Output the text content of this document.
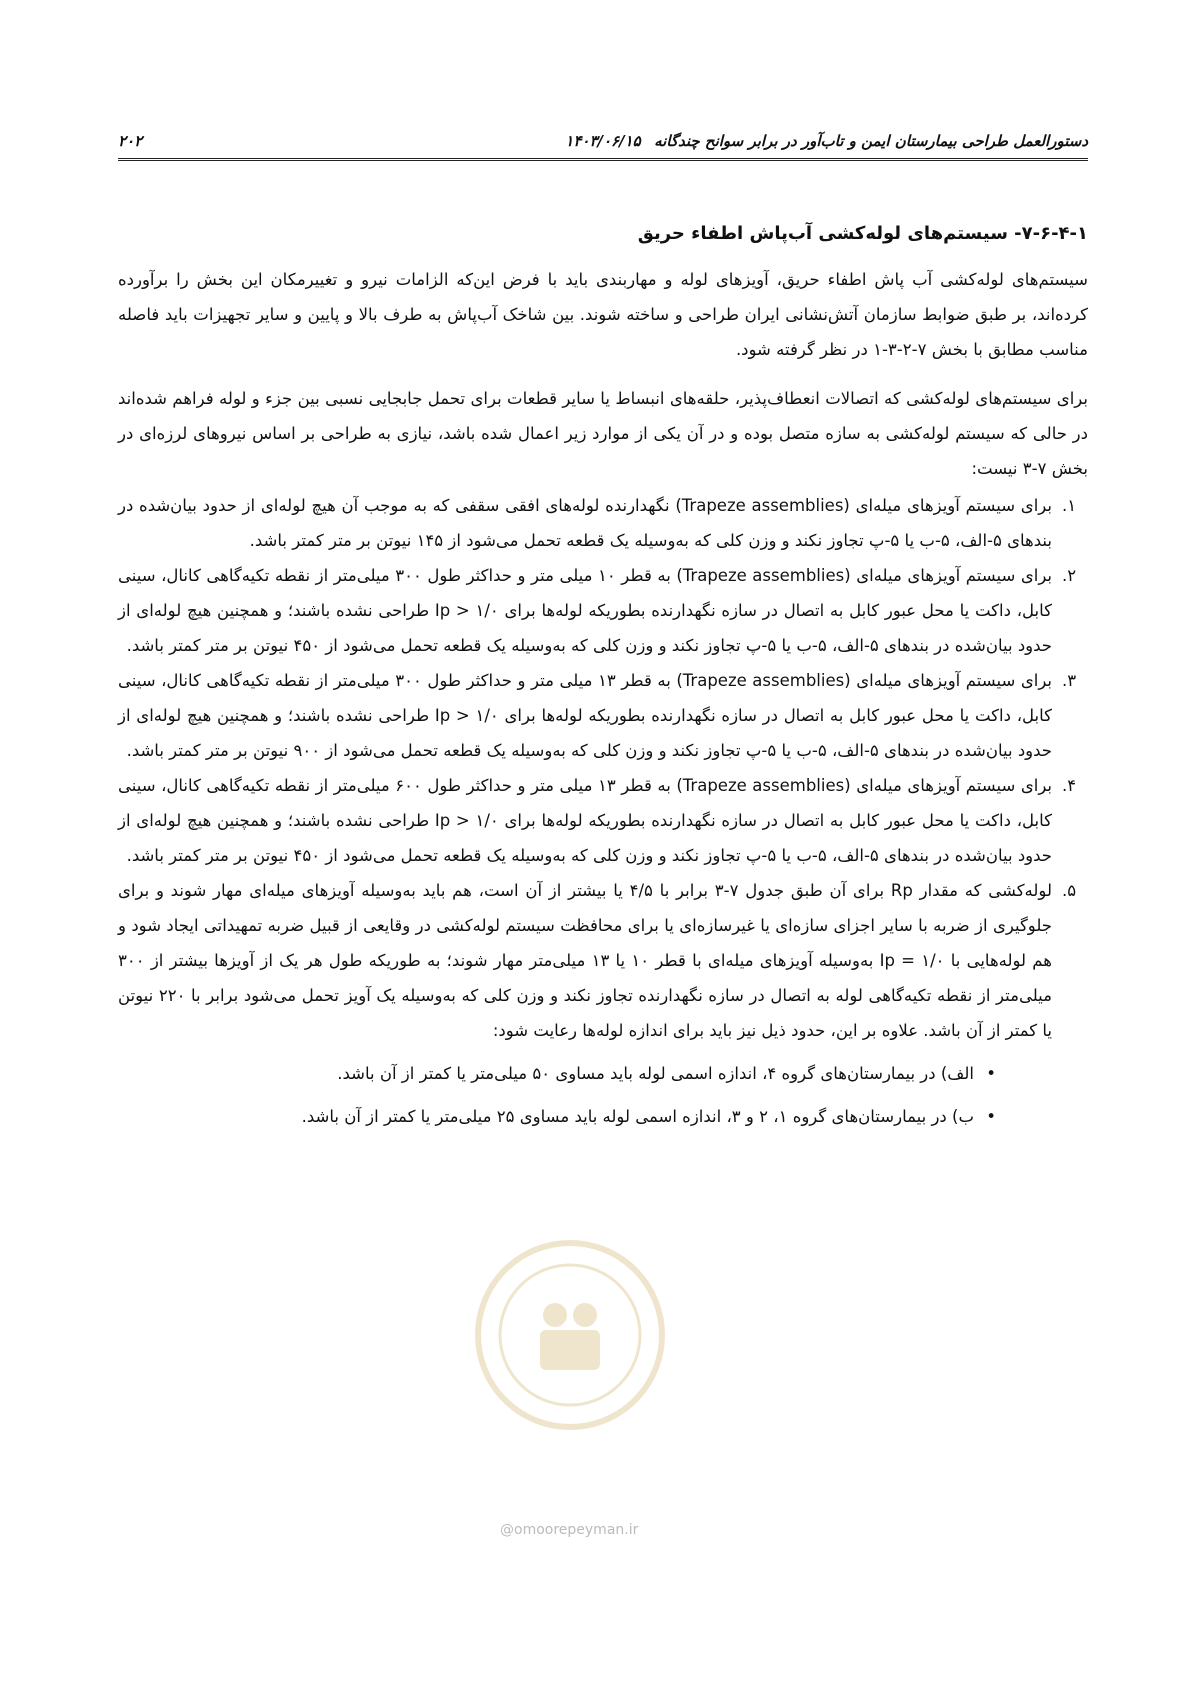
دستورالعمل طراحی بیمارستان ایمن و تاب‌آور در برابر سوانح چندگانه
۱۴۰۳/۰۶/۱۵
۲۰۲
۷-۶-۴-۱- سیستم‌های لوله‌کشی آب‌پاش اطفاء حریق

سیستم‌های لوله‌کشی آب پاش اطفاء حریق، آویزهای لوله و مهاربندی باید با فرض این‌که الزامات نیرو و تغییرمکان این بخش را برآورده کرده‌اند، بر طبق ضوابط سازمان آتش‌نشانی ایران طراحی و ساخته شوند. بین شاخک آب‌پاش به طرف بالا و پایین و سایر تجهیزات باید فاصله مناسب مطابق با بخش ۷-۲-۳-۱ در نظر گرفته شود.

برای سیستم‌های لوله‌کشی که اتصالات انعطاف‌پذیر، حلقه‌های انبساط یا سایر قطعات برای تحمل جابجایی نسبی بین جزء و لوله فراهم شده‌اند در حالی که سیستم لوله‌کشی به سازه متصل بوده و در آن یکی از موارد زیر اعمال شده باشد، نیازی به طراحی بر اساس نیروهای لرزه‌ای در بخش ۷-۳ نیست:

۱.
برای سیستم آویزهای میله‌ای (Trapeze assemblies) نگهدارنده لوله‌های افقی سقفی که به موجب آن هیچ لوله‌ای از حدود بیان‌شده در بندهای ۵-الف، ۵-ب یا ۵-پ تجاوز نکند و وزن کلی که به‌وسیله یک قطعه تحمل می‌شود از ۱۴۵ نیوتن بر متر کمتر باشد.
۲.
برای سیستم آویزهای میله‌ای (Trapeze assemblies) به قطر ۱۰ میلی متر و حداکثر طول ۳۰۰ میلی‌متر از نقطه تکیه‌گاهی کانال، سینی کابل، داکت یا محل عبور کابل به اتصال در سازه نگهدارنده بطوریکه لوله‌ها برای Ip > ۱/۰ طراحی نشده باشند؛ و همچنین هیچ لوله‌ای از حدود بیان‌شده در بندهای ۵-الف، ۵-ب یا ۵-پ تجاوز نکند و وزن کلی که به‌وسیله یک قطعه تحمل می‌شود از ۴۵۰ نیوتن بر متر کمتر باشد.
۳.
برای سیستم آویزهای میله‌ای (Trapeze assemblies) به قطر ۱۳ میلی متر و حداکثر طول ۳۰۰ میلی‌متر از نقطه تکیه‌گاهی کانال، سینی کابل، داکت یا محل عبور کابل به اتصال در سازه نگهدارنده بطوریکه لوله‌ها برای Ip > ۱/۰ طراحی نشده باشند؛ و همچنین هیچ لوله‌ای از حدود بیان‌شده در بندهای ۵-الف، ۵-ب یا ۵-پ تجاوز نکند و وزن کلی که به‌وسیله یک قطعه تحمل می‌شود از ۹۰۰ نیوتن بر متر کمتر باشد.
۴.
برای سیستم آویزهای میله‌ای (Trapeze assemblies) به قطر ۱۳ میلی متر و حداکثر طول ۶۰۰ میلی‌متر از نقطه تکیه‌گاهی کانال، سینی کابل، داکت یا محل عبور کابل به اتصال در سازه نگهدارنده بطوریکه لوله‌ها برای Ip > ۱/۰ طراحی نشده باشند؛ و همچنین هیچ لوله‌ای از حدود بیان‌شده در بندهای ۵-الف، ۵-ب یا ۵-پ تجاوز نکند و وزن کلی که به‌وسیله یک قطعه تحمل می‌شود از ۴۵۰ نیوتن بر متر کمتر باشد.
۵.
لوله‌کشی که مقدار Rp برای آن طبق جدول ۷-۳ برابر با ۴/۵ یا بیشتر از آن است، هم باید به‌وسیله آویزهای میله‌ای مهار شوند و برای جلوگیری از ضربه با سایر اجزای سازه‌ای یا غیرسازه‌ای یا برای محافظت سیستم لوله‌کشی در وقایعی از قبیل ضربه تمهیداتی ایجاد شود و هم لوله‌هایی با Ip = ۱/۰ به‌وسیله آویزهای میله‌ای با قطر ۱۰ یا ۱۳ میلی‌متر مهار شوند؛ به طوریکه طول هر یک از آویزها بیشتر از ۳۰۰ میلی‌متر از نقطه تکیه‌گاهی لوله به اتصال در سازه نگهدارنده تجاوز نکند و وزن کلی که به‌وسیله یک آویز تحمل می‌شود برابر با ۲۲۰ نیوتن یا کمتر از آن باشد. علاوه بر این، حدود ذیل نیز باید برای اندازه لوله‌ها رعایت شود:
•
الف) در بیمارستان‌های گروه ۴، اندازه اسمی لوله باید مساوی ۵۰ میلی‌متر یا کمتر از آن باشد.
•
ب) در بیمارستان‌های گروه ۱، ۲ و ۳، اندازه اسمی لوله باید مساوی ۲۵ میلی‌متر یا کمتر از آن باشد.
@omoorepeyman.ir
